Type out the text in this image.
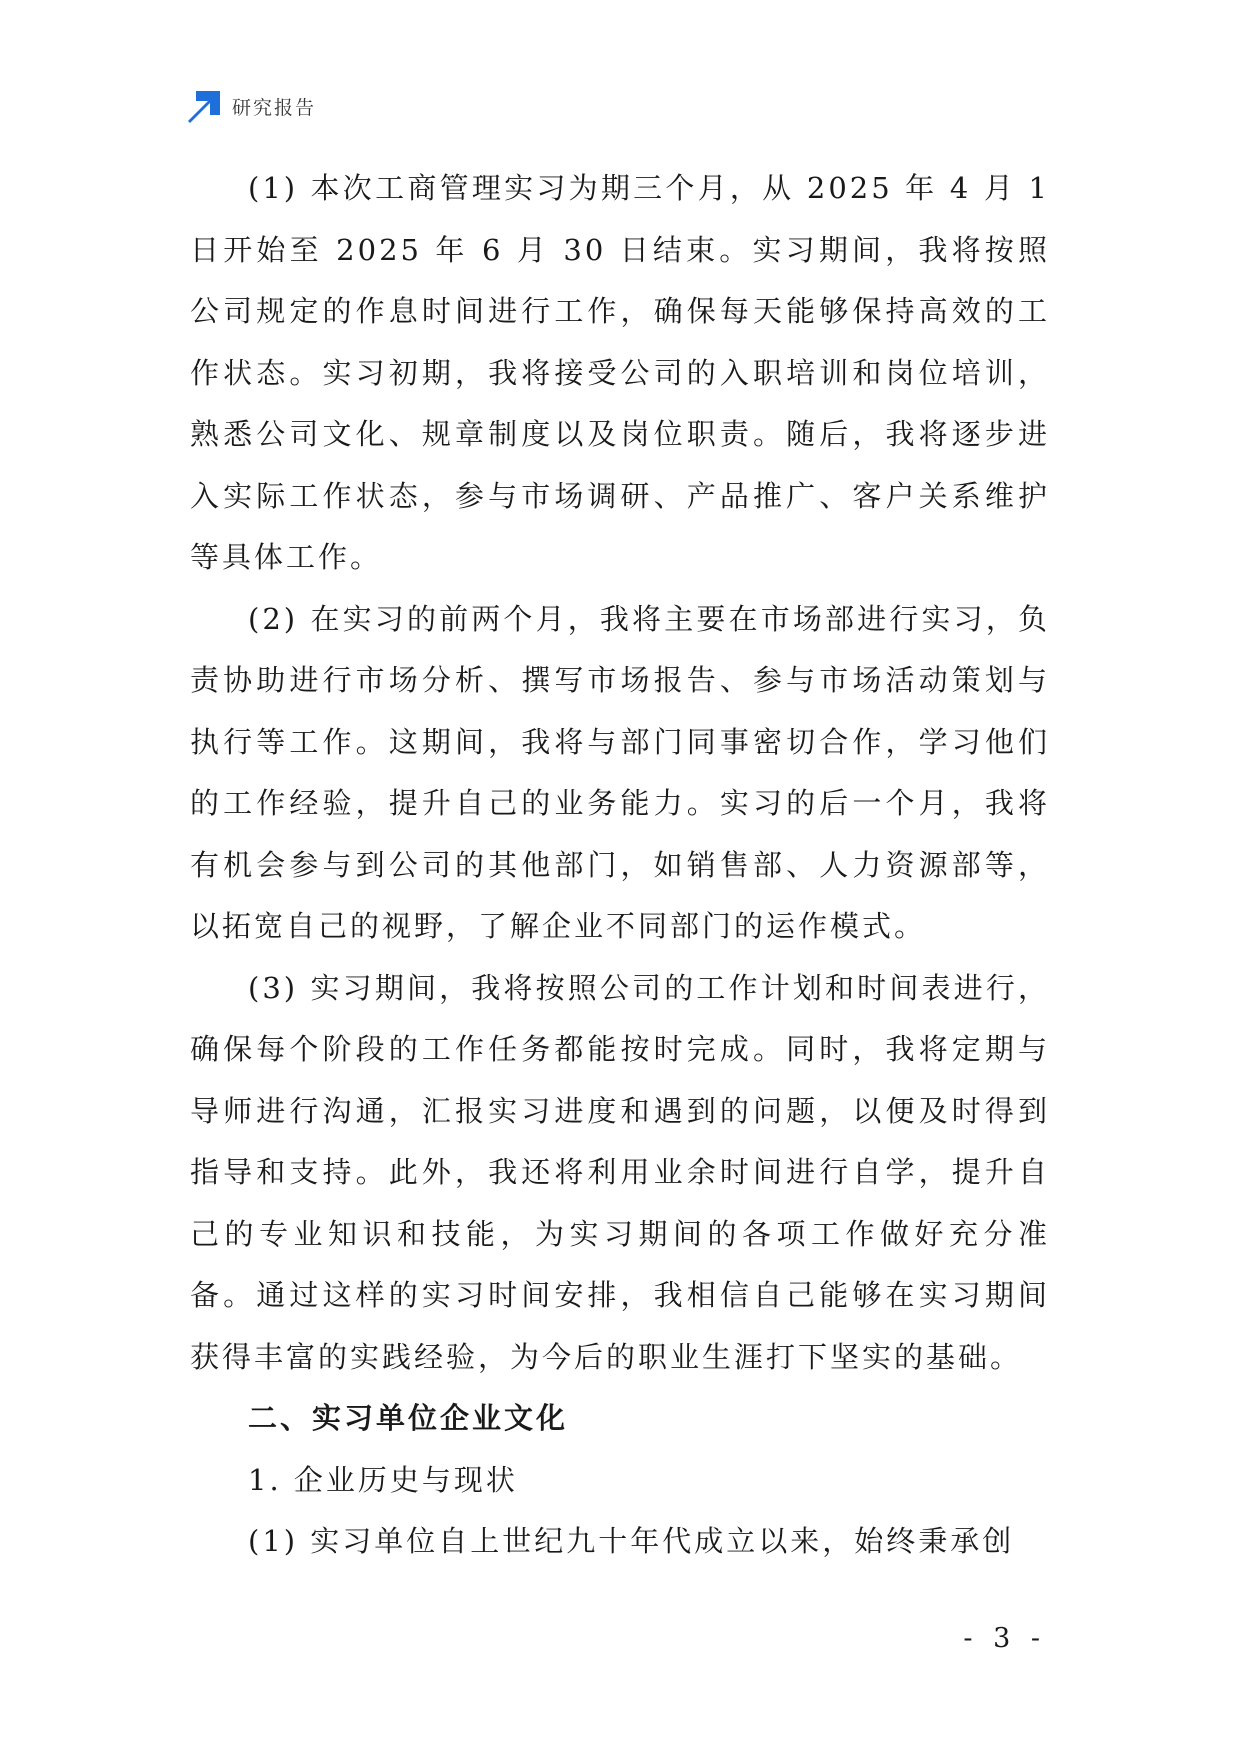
研究报告

(1) 本次工商管理实习为期三个月，从 2025 年 4 月 1 日开始至 2025 年 6 月 30 日结束。实习期间，我将按照公司规定的作息时间进行工作，确保每天能够保持高效的工作状态。实习初期，我将接受公司的入职培训和岗位培训，熟悉公司文化、规章制度以及岗位职责。随后，我将逐步进入实际工作状态，参与市场调研、产品推广、客户关系维护等具体工作。

(2) 在实习的前两个月，我将主要在市场部进行实习，负责协助进行市场分析、撰写市场报告、参与市场活动策划与执行等工作。这期间，我将与部门同事密切合作，学习他们的工作经验，提升自己的业务能力。实习的后一个月，我将有机会参与到公司的其他部门，如销售部、人力资源部等，以拓宽自己的视野，了解企业不同部门的运作模式。

(3) 实习期间，我将按照公司的工作计划和时间表进行，确保每个阶段的工作任务都能按时完成。同时，我将定期与导师进行沟通，汇报实习进度和遇到的问题，以便及时得到指导和支持。此外，我还将利用业余时间进行自学，提升自己的专业知识和技能，为实习期间的各项工作做好充分准备。通过这样的实习时间安排，我相信自己能够在实习期间获得丰富的实践经验，为今后的职业生涯打下坚实的基础。

二、实习单位企业文化

1. 企业历史与现状

(1) 实习单位自上世纪九十年代成立以来，始终秉承创

- 3 -
